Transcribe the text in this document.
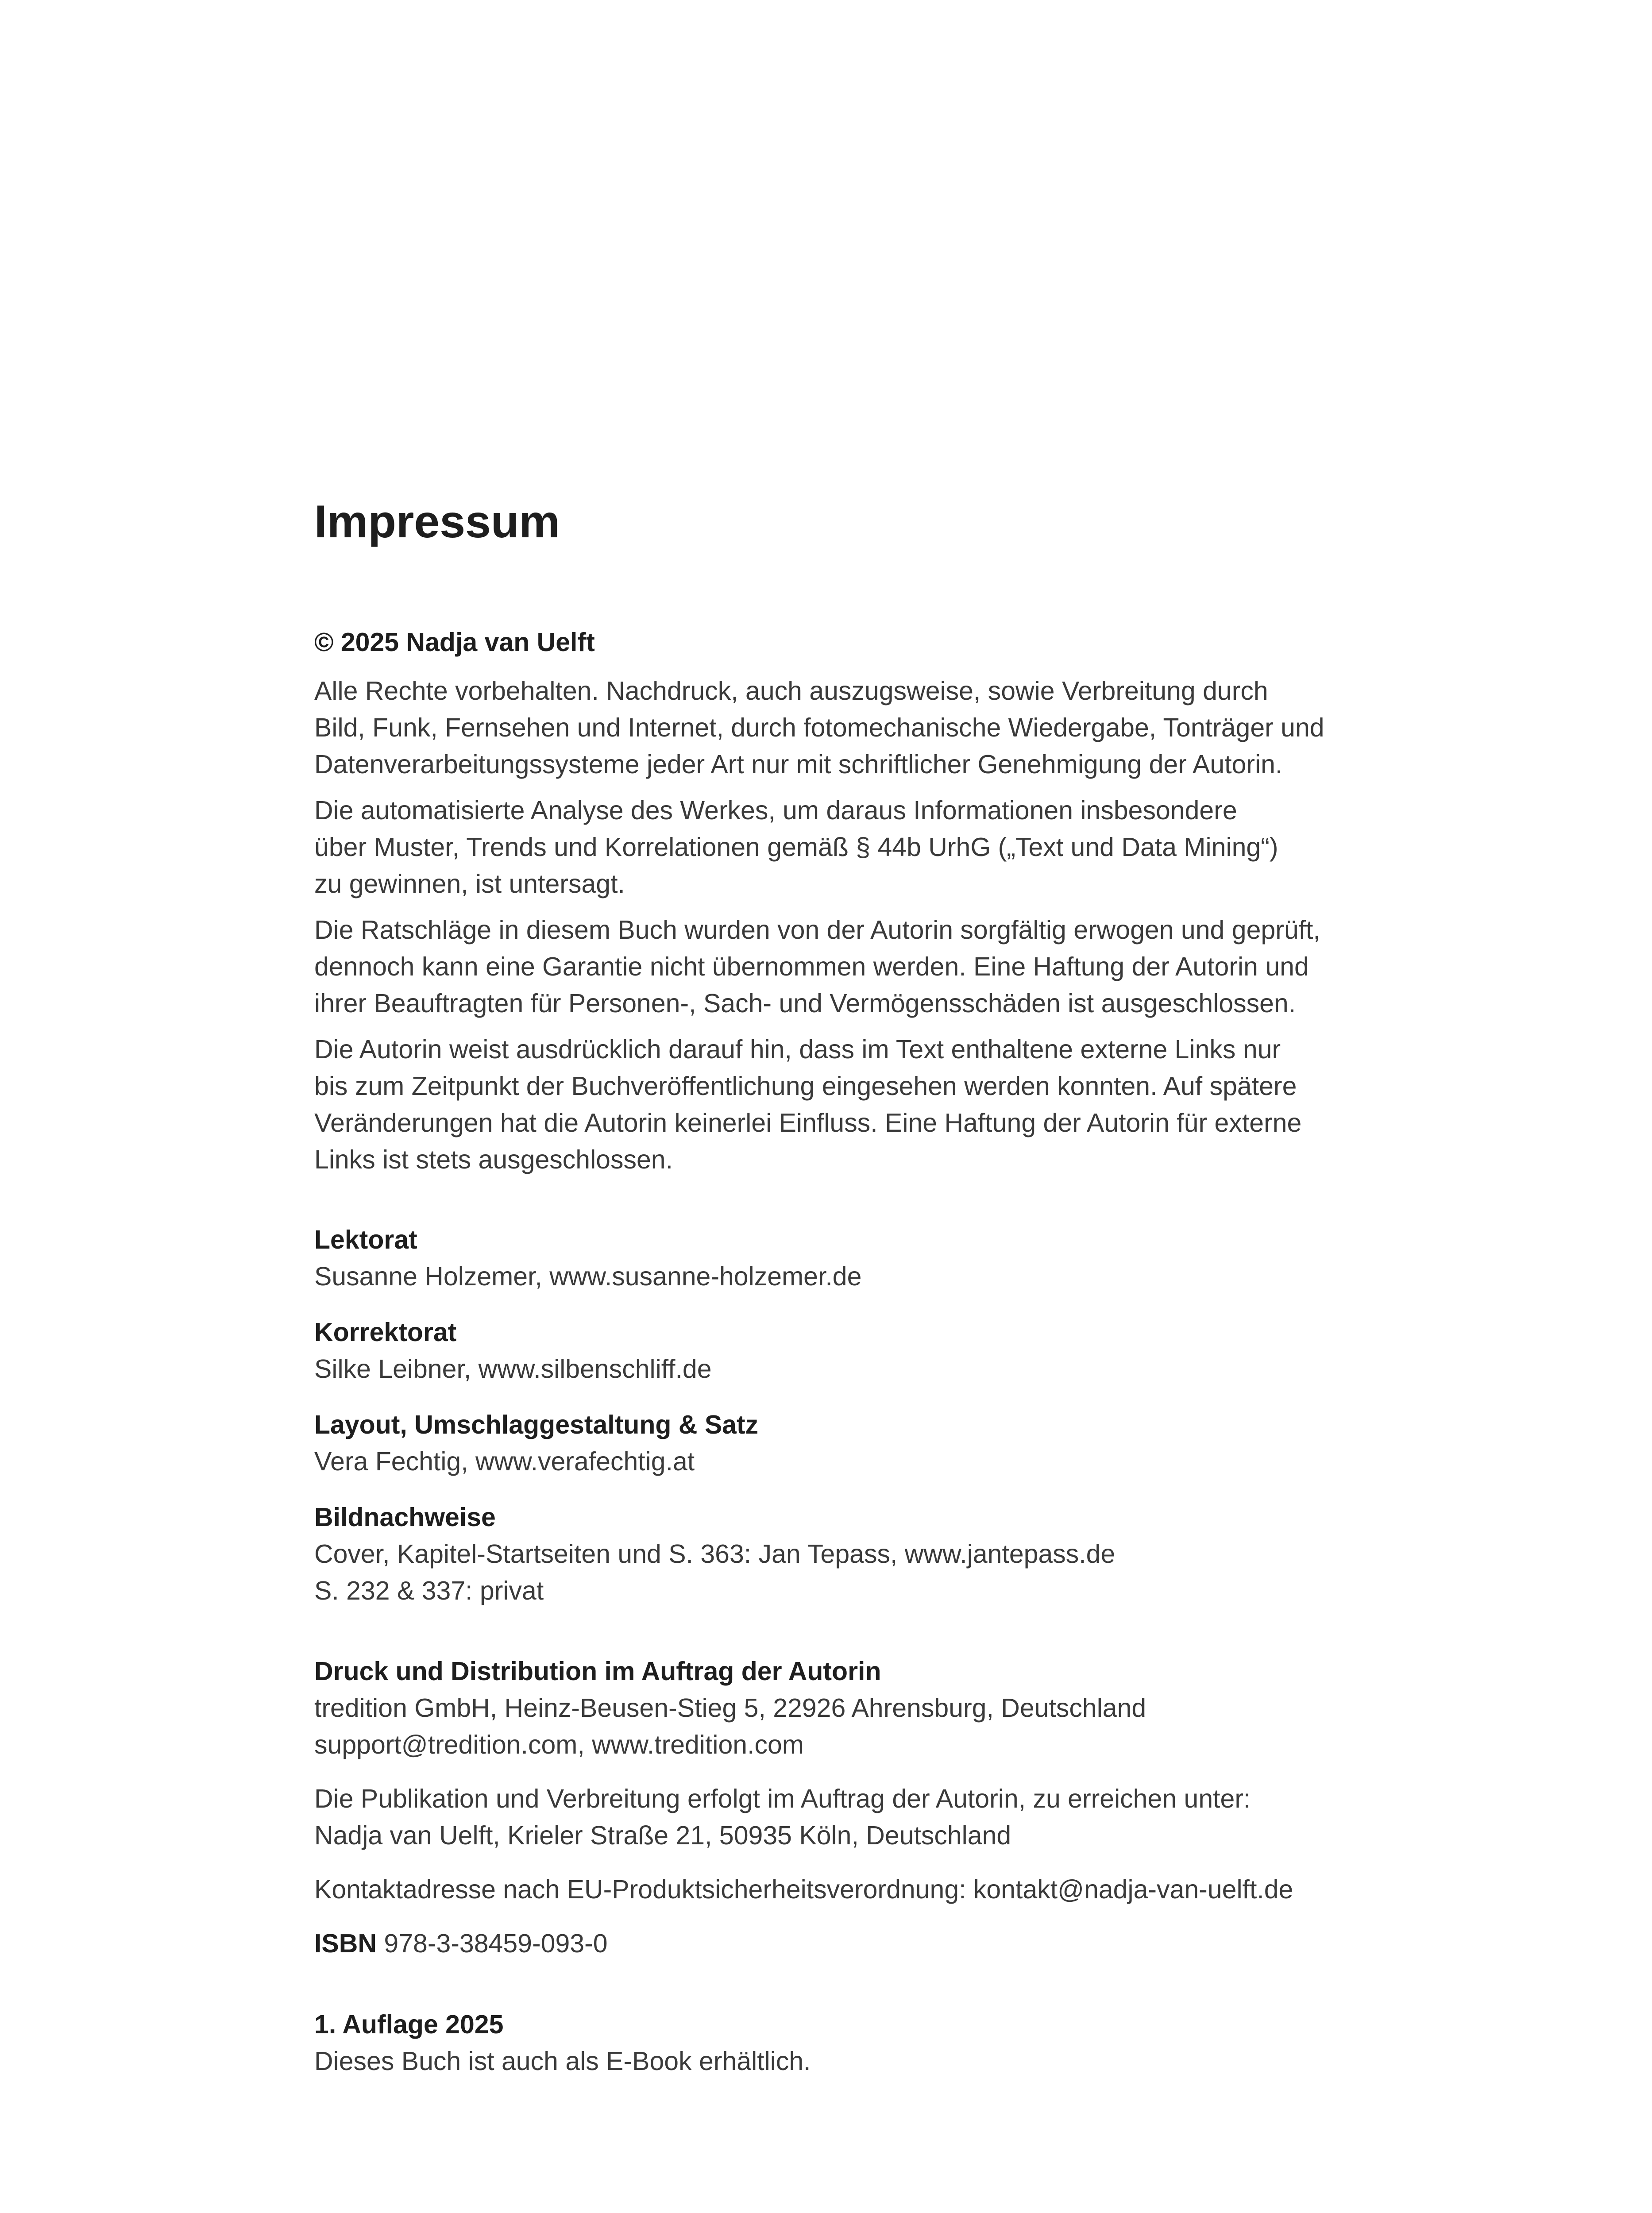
Impressum
© 2025 Nadja van Uelft

Alle Rechte vorbehalten. Nachdruck, auch auszugsweise, sowie Verbreitung durch
Bild, Funk, Fernsehen und Internet, durch fotomechanische Wiedergabe, Tonträger und
Datenverarbeitungssysteme jeder Art nur mit schriftlicher Genehmigung der Autorin.

Die automatisierte Analyse des Werkes, um daraus Informationen insbesondere
über Muster, Trends und Korrelationen gemäß § 44b UrhG („Text und Data Mining“)
zu gewinnen, ist untersagt.

Die Ratschläge in diesem Buch wurden von der Autorin sorgfältig erwogen und geprüft,
dennoch kann eine Garantie nicht übernommen werden. Eine Haftung der Autorin und
ihrer Beauftragten für Personen-, Sach- und Vermögensschäden ist ausgeschlossen.

Die Autorin weist ausdrücklich darauf hin, dass im Text enthaltene externe Links nur
bis zum Zeitpunkt der Buchveröffentlichung eingesehen werden konnten. Auf spätere
Veränderungen hat die Autorin keinerlei Einfluss. Eine Haftung der Autorin für externe
Links ist stets ausgeschlossen.

Lektorat
Susanne Holzemer, www.susanne-holzemer.de
Korrektorat
Silke Leibner, www.silbenschliff.de
Layout, Umschlaggestaltung & Satz
Vera Fechtig, www.verafechtig.at
Bildnachweise
Cover, Kapitel-Startseiten und S. 363: Jan Tepass, www.jantepass.de
S. 232 & 337: privat
Druck und Distribution im Auftrag der Autorin
tredition GmbH, Heinz-Beusen-Stieg 5, 22926 Ahrensburg, Deutschland
support@tredition.com, www.tredition.com
Die Publikation und Verbreitung erfolgt im Auftrag der Autorin, zu erreichen unter:
Nadja van Uelft, Krieler Straße 21, 50935 Köln, Deutschland
Kontaktadresse nach EU-Produktsicherheitsverordnung: kontakt@nadja-van-uelft.de
ISBN 978-3-38459-093-0
1. Auflage 2025
Dieses Buch ist auch als E-Book erhältlich.
